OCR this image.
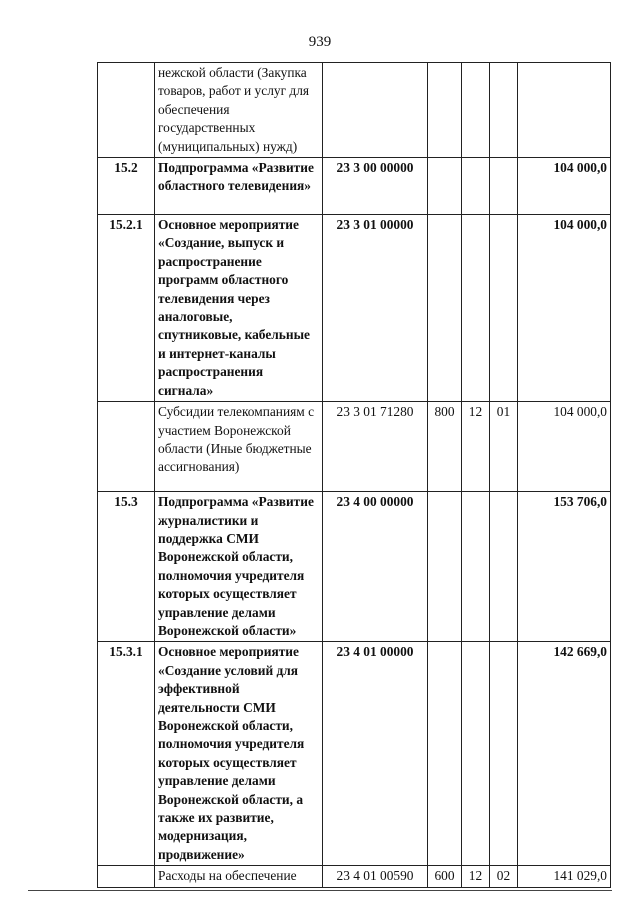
939
	нежской области (Закупка товаров, работ и услуг для обеспечения государственных (муниципальных) нужд)					
15.2	Подпрограмма «Развитие областного телевидения»	23 3 00 00000				104 000,0
15.2.1	Основное мероприятие «Создание, выпуск и распространение программ областного телевидения через аналоговые, спутниковые, кабельные и интернет-каналы распространения сигнала»	23 3 01 00000				104 000,0
	Субсидии телекомпаниям с участием Воронежской области (Иные бюджетные ассигнования)	23 3 01 71280	800	12	01	104 000,0
15.3	Подпрограмма «Развитие журналистики и поддержка СМИ Воронежской области, полномочия учредителя которых осуществляет управление делами Воронежской области»	23 4 00 00000				153 706,0
15.3.1	Основное мероприятие «Создание условий для эффективной деятельности СМИ Воронежской области, полномочия учредителя которых осуществляет управление делами Воронежской области, а также их развитие, модернизация, продвижение»	23 4 01 00000				142 669,0
	Расходы на обеспечение	23 4 01 00590	600	12	02	141 029,0
